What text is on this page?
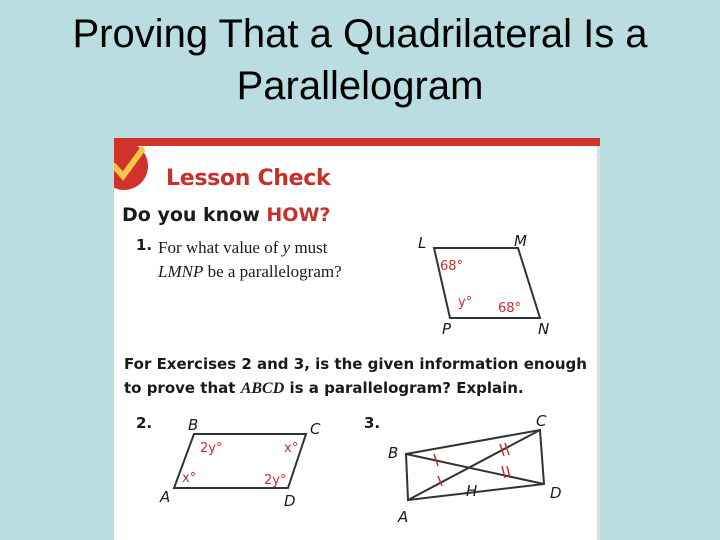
Proving That a Quadrilateral Is a
Parallelogram
Lesson Check
Do you know HOW?
1. For what value of y must
LMNP be a parallelogram?
L	M
N
P
68°
68°
y°
For Exercises 2 and 3, is the given information enough to prove that ABCD is a parallelogram? Explain.
2.	3.
B	C
D
A
2y°	x°
2y°
x°
B
C
D
A
H
